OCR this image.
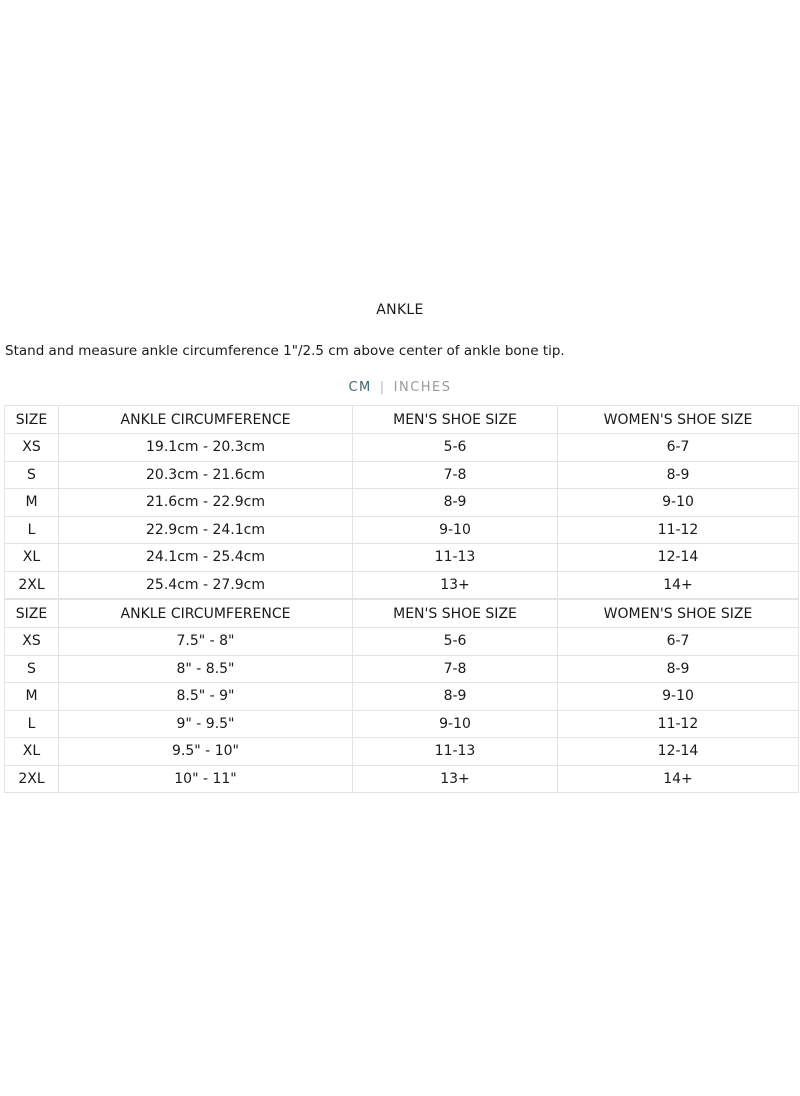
ANKLE
Stand and measure ankle circumference 1"/2.5 cm above center of ankle bone tip.
CM | INCHES
SIZE	ANKLE CIRCUMFERENCE	MEN'S SHOE SIZE	WOMEN'S SHOE SIZE
XS	19.1cm - 20.3cm	5-6	6-7
S	20.3cm - 21.6cm	7-8	8-9
M	21.6cm - 22.9cm	8-9	9-10
L	22.9cm - 24.1cm	9-10	11-12
XL	24.1cm - 25.4cm	11-13	12-14
2XL	25.4cm - 27.9cm	13+	14+
SIZE	ANKLE CIRCUMFERENCE	MEN'S SHOE SIZE	WOMEN'S SHOE SIZE
XS	7.5" - 8"	5-6	6-7
S	8" - 8.5"	7-8	8-9
M	8.5" - 9"	8-9	9-10
L	9" - 9.5"	9-10	11-12
XL	9.5" - 10"	11-13	12-14
2XL	10" - 11"	13+	14+
